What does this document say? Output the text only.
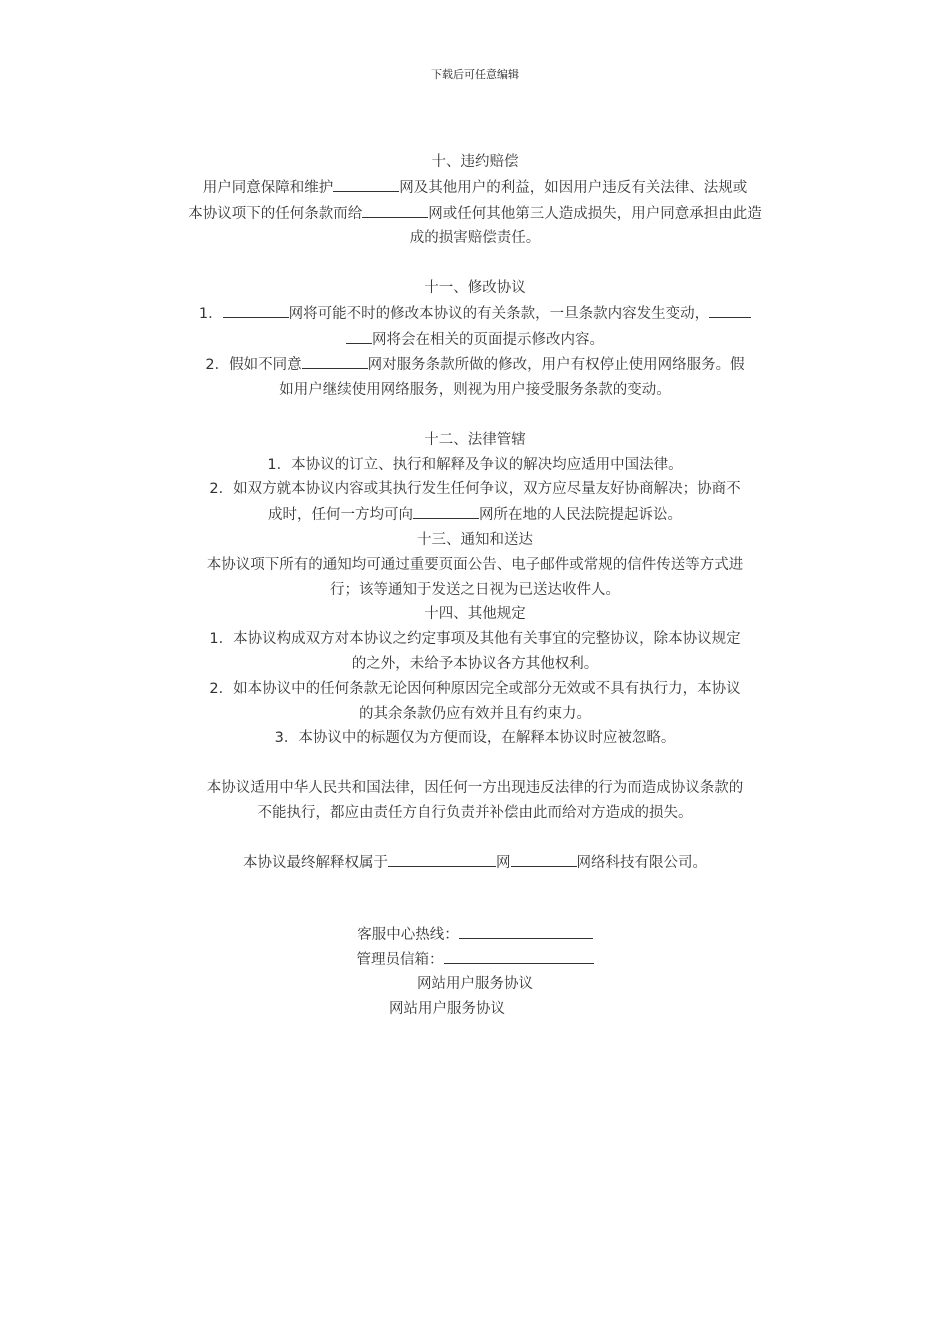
下载后可任意编辑

十、违约赔偿

用户同意保障和维护	网及其他用户的利益，如因用户违反有关法律、法规或

本协议项下的任何条款而给	网或任何其他第三人造成损失，用户同意承担由此造

成的损害赔偿责任。

十一、修改协议

1．	网将可能不时的修改本协议的有关条款，一旦条款内容发生变动，

网将会在相关的页面提示修改内容。

2．假如不同意	网对服务条款所做的修改，用户有权停止使用网络服务。假

如用户继续使用网络服务，则视为用户接受服务条款的变动。

十二、法律管辖

1．本协议的订立、执行和解释及争议的解决均应适用中国法律。

2．如双方就本协议内容或其执行发生任何争议，双方应尽量友好协商解决；协商不

成时，任何一方均可向	网所在地的人民法院提起诉讼。

十三、通知和送达

本协议项下所有的通知均可通过重要页面公告、电子邮件或常规的信件传送等方式进

行；该等通知于发送之日视为已送达收件人。

十四、其他规定

1．本协议构成双方对本协议之约定事项及其他有关事宜的完整协议，除本协议规定

的之外，未给予本协议各方其他权利。

2．如本协议中的任何条款无论因何种原因完全或部分无效或不具有执行力，本协议

的其余条款仍应有效并且有约束力。

3．本协议中的标题仅为方便而设，在解释本协议时应被忽略。

本协议适用中华人民共和国法律，因任何一方出现违反法律的行为而造成协议条款的

不能执行，都应由责任方自行负责并补偿由此而给对方造成的损失。

本协议最终解释权属于	网	网络科技有限公司。

客服中心热线：
管理员信箱：
网站用户服务协议
网站用户服务协议
